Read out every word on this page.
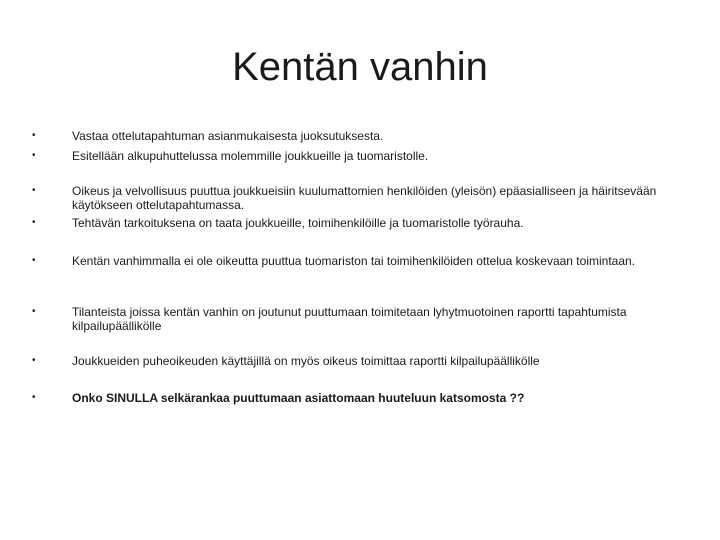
Kentän vanhin
•	Vastaa ottelutapahtuman asianmukaisesta juoksutuksesta.
•	Esitellään alkupuhuttelussa molemmille joukkueille ja tuomaristolle.
•	Oikeus ja velvollisuus puuttua joukkueisiin kuulumattomien henkilöiden (yleisön) epäasialliseen ja häiritsevään käytökseen ottelutapahtumassa.
•	Tehtävän tarkoituksena on taata joukkueille, toimihenkilöille ja tuomaristolle työrauha.
•	Kentän vanhimmalla ei ole oikeutta puuttua tuomariston tai toimihenkilöiden ottelua koskevaan toimintaan.
•	Tilanteista joissa kentän vanhin on joutunut puuttumaan toimitetaan lyhytmuotoinen raportti tapahtumista kilpailupäällikölle
•	Joukkueiden puheoikeuden käyttäjillä on myös oikeus toimittaa raportti kilpailupäällikölle
•	Onko SINULLA selkärankaa puuttumaan asiattomaan huuteluun katsomosta ??
